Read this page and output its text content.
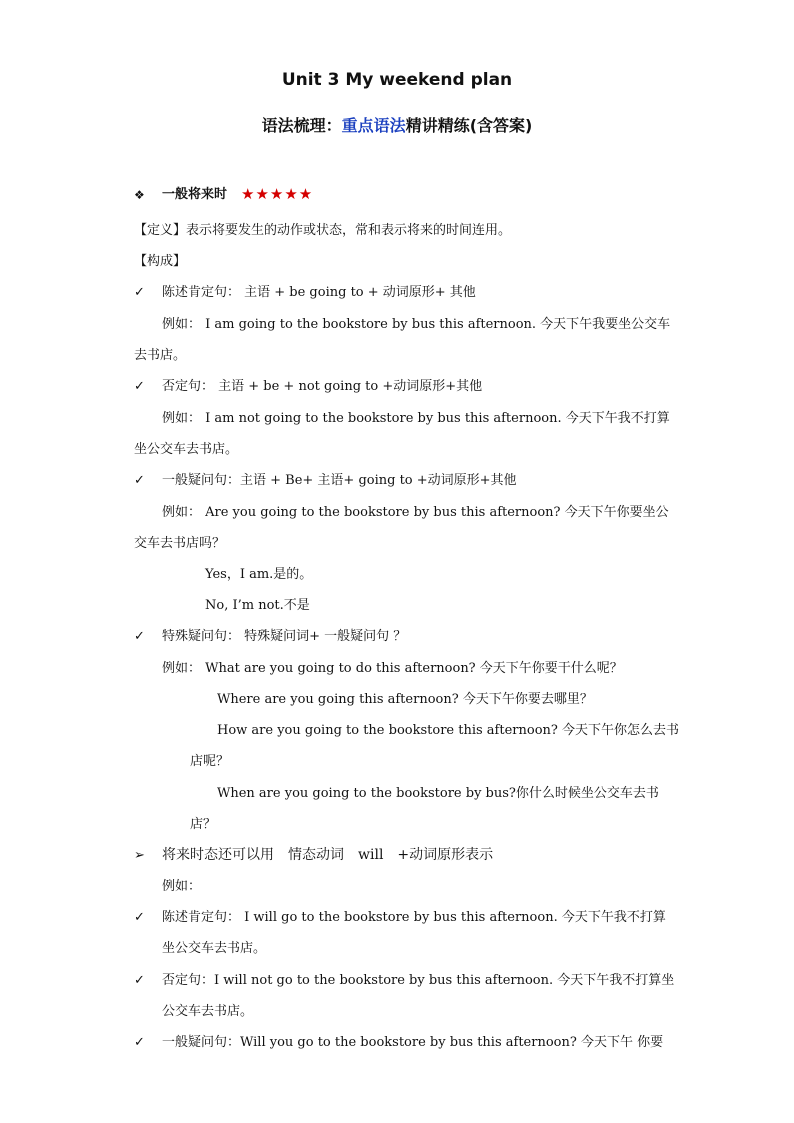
Unit 3 My weekend plan
语法梳理：重点语法精讲精练(含答案)
❖ 一般将来时 ★★★★★
【定义】表示将要发生的动作或状态，常和表示将来的时间连用。
【构成】
✓ 陈述肯定句： 主语 + be going to + 动词原形+ 其他
例如： I am going to the bookstore by bus this afternoon. 今天下午我要坐公交车
去书店。
✓ 否定句： 主语 + be + not going to +动词原形+其他
例如： I am not going to the bookstore by bus this afternoon. 今天下午我不打算
坐公交车去书店。
✓ 一般疑问句：主语 + Be+ 主语+ going to +动词原形+其他
例如： Are you going to the bookstore by bus this afternoon? 今天下午你要坐公
交车去书店吗？
Yes，I am.是的。
No, I’m not.不是
✓ 特殊疑问句： 特殊疑问词+ 一般疑问句 ？
例如： What are you going to do this afternoon? 今天下午你要干什么呢？
Where are you going this afternoon? 今天下午你要去哪里？
How are you going to the bookstore this afternoon? 今天下午你怎么去书
店呢？
When are you going to the bookstore by bus?你什么时候坐公交车去书
店？
➢ 将来时态还可以用　情态动词　will　+动词原形表示
例如：
✓ 陈述肯定句： I will go to the bookstore by bus this afternoon. 今天下午我不打算
坐公交车去书店。
✓ 否定句：I will not go to the bookstore by bus this afternoon. 今天下午我不打算坐
公交车去书店。
✓ 一般疑问句：Will you go to the bookstore by bus this afternoon? 今天下午 你要
